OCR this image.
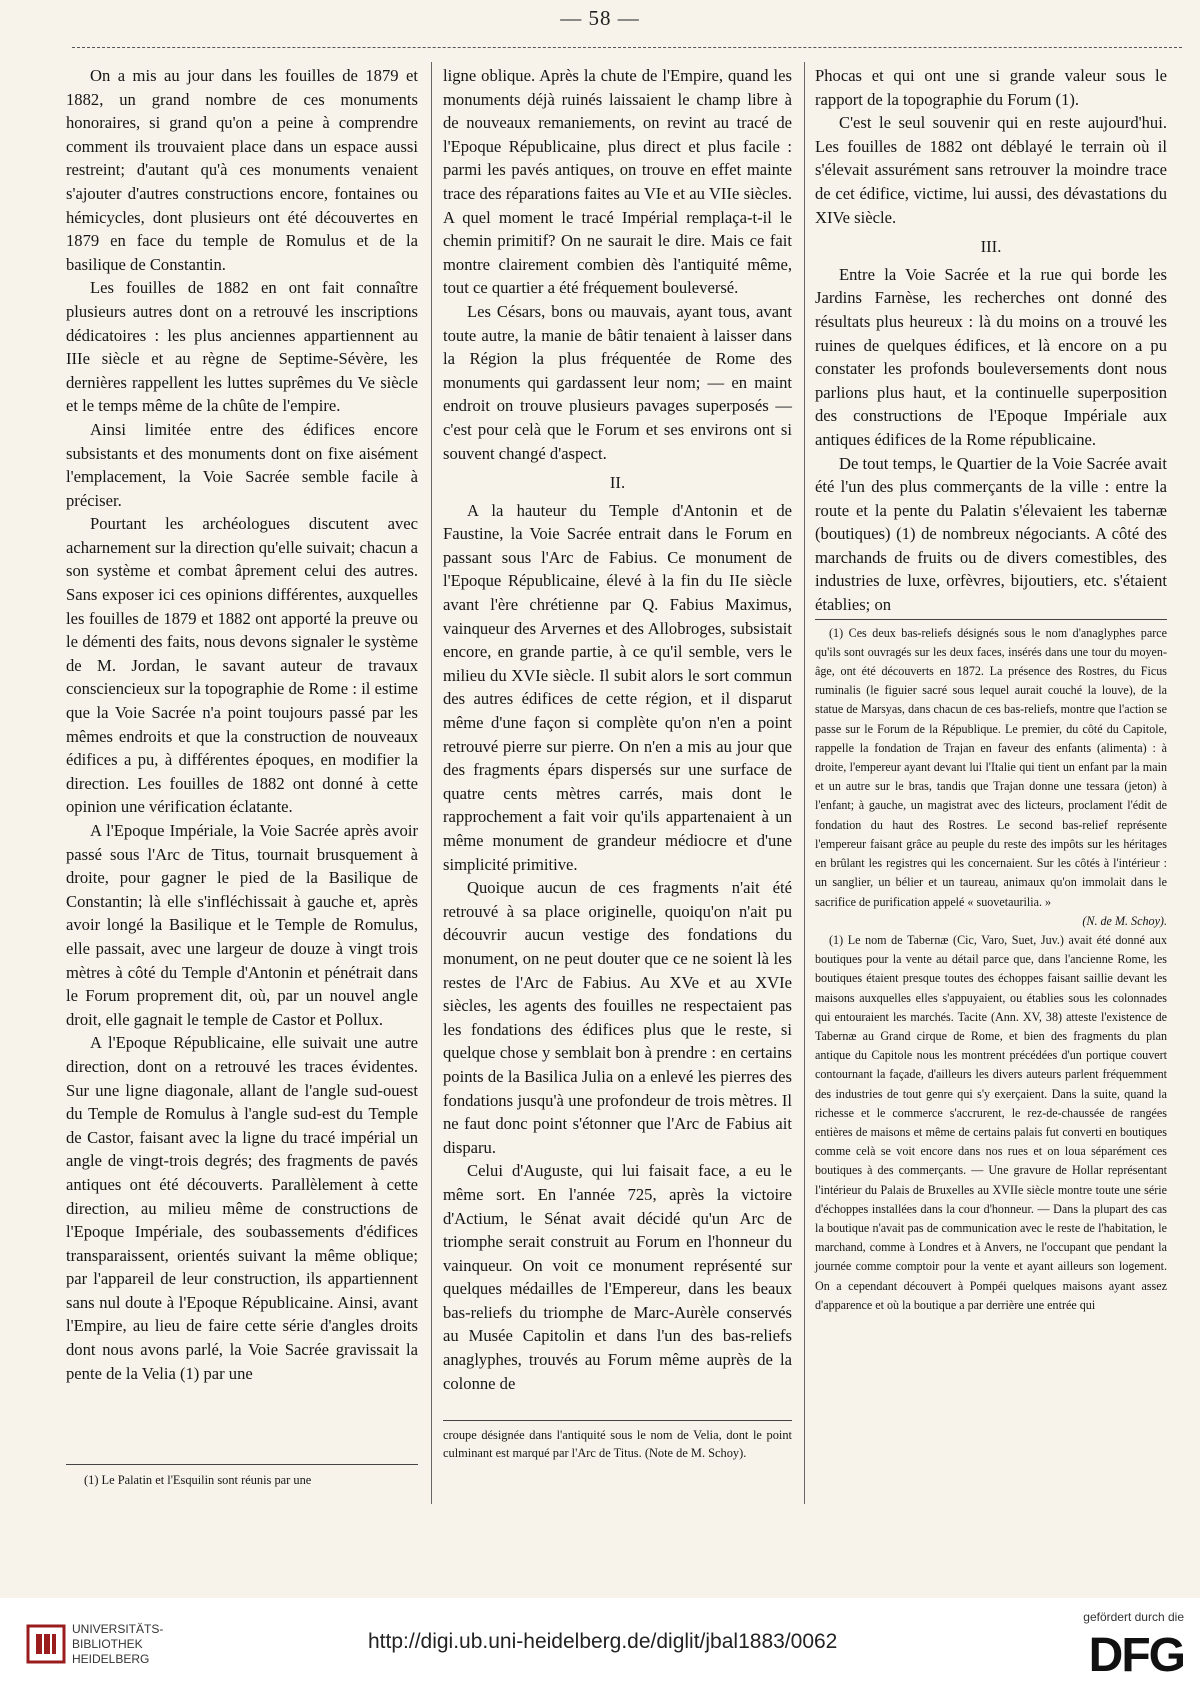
— 58 —

On a mis au jour dans les fouilles de 1879 et 1882, un grand nombre de ces monuments honoraires, si grand qu'on a peine à comprendre comment ils trouvaient place dans un espace aussi restreint; d'autant qu'à ces monuments venaient s'ajouter d'autres constructions encore, fontaines ou hémicycles, dont plusieurs ont été découvertes en 1879 en face du temple de Romulus et de la basilique de Constantin.

Les fouilles de 1882 en ont fait connaître plusieurs autres dont on a retrouvé les inscriptions dédicatoires : les plus anciennes appartiennent au IIIe siècle et au règne de Septime-Sévère, les dernières rappellent les luttes suprêmes du Ve siècle et le temps même de la chûte de l'empire.

Ainsi limitée entre des édifices encore subsistants et des monuments dont on fixe aisément l'emplacement, la Voie Sacrée semble facile à préciser.

Pourtant les archéologues discutent avec acharnement sur la direction qu'elle suivait; chacun a son système et combat âprement celui des autres. Sans exposer ici ces opinions différentes, auxquelles les fouilles de 1879 et 1882 ont apporté la preuve ou le démenti des faits, nous devons signaler le système de M. Jordan, le savant auteur de travaux consciencieux sur la topographie de Rome : il estime que la Voie Sacrée n'a point toujours passé par les mêmes endroits et que la construction de nouveaux édifices a pu, à différentes époques, en modifier la direction. Les fouilles de 1882 ont donné à cette opinion une vérification éclatante.

A l'Epoque Impériale, la Voie Sacrée après avoir passé sous l'Arc de Titus, tournait brusquement à droite, pour gagner le pied de la Basilique de Constantin; là elle s'infléchissait à gauche et, après avoir longé la Basilique et le Temple de Romulus, elle passait, avec une largeur de douze à vingt trois mètres à côté du Temple d'Antonin et pénétrait dans le Forum proprement dit, où, par un nouvel angle droit, elle gagnait le temple de Castor et Pollux.

A l'Epoque Républicaine, elle suivait une autre direction, dont on a retrouvé les traces évidentes. Sur une ligne diagonale, allant de l'angle sud-ouest du Temple de Romulus à l'angle sud-est du Temple de Castor, faisant avec la ligne du tracé impérial un angle de vingt-trois degrés; des fragments de pavés antiques ont été découverts. Parallèlement à cette direction, au milieu même de constructions de l'Epoque Impériale, des soubassements d'édifices transparaissent, orientés suivant la même oblique; par l'appareil de leur construction, ils appartiennent sans nul doute à l'Epoque Républicaine. Ainsi, avant l'Empire, au lieu de faire cette série d'angles droits dont nous avons parlé, la Voie Sacrée gravissait la pente de la Velia (1) par une

ligne oblique. Après la chute de l'Empire, quand les monuments déjà ruinés laissaient le champ libre à de nouveaux remaniements, on revint au tracé de l'Epoque Républicaine, plus direct et plus facile : parmi les pavés antiques, on trouve en effet mainte trace des réparations faites au VIe et au VIIe siècles. A quel moment le tracé Impérial remplaça-t-il le chemin primitif? On ne saurait le dire. Mais ce fait montre clairement combien dès l'antiquité même, tout ce quartier a été fréquement bouleversé.

Les Césars, bons ou mauvais, ayant tous, avant toute autre, la manie de bâtir tenaient à laisser dans la Région la plus fréquentée de Rome des monuments qui gardassent leur nom; — en maint endroit on trouve plusieurs pavages superposés — c'est pour celà que le Forum et ses environs ont si souvent changé d'aspect.

II.

A la hauteur du Temple d'Antonin et de Faustine, la Voie Sacrée entrait dans le Forum en passant sous l'Arc de Fabius. Ce monument de l'Epoque Républicaine, élevé à la fin du IIe siècle avant l'ère chrétienne par Q. Fabius Maximus, vainqueur des Arvernes et des Allobroges, subsistait encore, en grande partie, à ce qu'il semble, vers le milieu du XVIe siècle. Il subit alors le sort commun des autres édifices de cette région, et il disparut même d'une façon si complète qu'on n'en a point retrouvé pierre sur pierre. On n'en a mis au jour que des fragments épars dispersés sur une surface de quatre cents mètres carrés, mais dont le rapprochement a fait voir qu'ils appartenaient à un même monument de grandeur médiocre et d'une simplicité primitive.

Quoique aucun de ces fragments n'ait été retrouvé à sa place originelle, quoiqu'on n'ait pu découvrir aucun vestige des fondations du monument, on ne peut douter que ce ne soient là les restes de l'Arc de Fabius. Au XVe et au XVIe siècles, les agents des fouilles ne respectaient pas les fondations des édifices plus que le reste, si quelque chose y semblait bon à prendre : en certains points de la Basilica Julia on a enlevé les pierres des fondations jusqu'à une profondeur de trois mètres. Il ne faut donc point s'étonner que l'Arc de Fabius ait disparu.

Celui d'Auguste, qui lui faisait face, a eu le même sort. En l'année 725, après la victoire d'Actium, le Sénat avait décidé qu'un Arc de triomphe serait construit au Forum en l'honneur du vainqueur. On voit ce monument représenté sur quelques médailles de l'Empereur, dans les beaux bas-reliefs du triomphe de Marc-Aurèle conservés au Musée Capitolin et dans l'un des bas-reliefs anaglyphes, trouvés au Forum même auprès de la colonne de

Phocas et qui ont une si grande valeur sous le rapport de la topographie du Forum (1).

C'est le seul souvenir qui en reste aujourd'hui. Les fouilles de 1882 ont déblayé le terrain où il s'élevait assurément sans retrouver la moindre trace de cet édifice, victime, lui aussi, des dévastations du XIVe siècle.

III.

Entre la Voie Sacrée et la rue qui borde les Jardins Farnèse, les recherches ont donné des résultats plus heureux : là du moins on a trouvé les ruines de quelques édifices, et là encore on a pu constater les profonds bouleversements dont nous parlions plus haut, et la continuelle superposition des constructions de l'Epoque Impériale aux antiques édifices de la Rome républicaine.

De tout temps, le Quartier de la Voie Sacrée avait été l'un des plus commerçants de la ville : entre la route et la pente du Palatin s'élevaient les tabernæ (boutiques) (1) de nombreux négociants. A côté des marchands de fruits ou de divers comestibles, des industries de luxe, orfèvres, bijoutiers, etc. s'étaient établies; on

(1) Ces deux bas-reliefs désignés sous le nom d'anaglyphes parce qu'ils sont ouvragés sur les deux faces, insérés dans une tour du moyen-âge, ont été découverts en 1872. La présence des Rostres, du Ficus ruminalis (le figuier sacré sous lequel aurait couché la louve), de la statue de Marsyas, dans chacun de ces bas-reliefs, montre que l'action se passe sur le Forum de la République. Le premier, du côté du Capitole, rappelle la fondation de Trajan en faveur des enfants (alimenta) : à droite, l'empereur ayant devant lui l'Italie qui tient un enfant par la main et un autre sur le bras, tandis que Trajan donne une tessara (jeton) à l'enfant; à gauche, un magistrat avec des licteurs, proclament l'édit de fondation du haut des Rostres. Le second bas-relief représente l'empereur faisant grâce au peuple du reste des impôts sur les héritages en brûlant les registres qui les concernaient. Sur les côtés à l'intérieur : un sanglier, un bélier et un taureau, animaux qu'on immolait dans le sacrifice de purification appelé « suovetaurilia. »

(N. de M. Schoy).

(1) Le nom de Tabernæ (Cic, Varo, Suet, Juv.) avait été donné aux boutiques pour la vente au détail parce que, dans l'ancienne Rome, les boutiques étaient presque toutes des échoppes faisant saillie devant les maisons auxquelles elles s'appuyaient, ou établies sous les colonnades qui entouraient les marchés. Tacite (Ann. XV, 38) atteste l'existence de Tabernæ au Grand cirque de Rome, et bien des fragments du plan antique du Capitole nous les montrent précédées d'un portique couvert contournant la façade, d'ailleurs les divers auteurs parlent fréquemment des industries de tout genre qui s'y exerçaient. Dans la suite, quand la richesse et le commerce s'accrurent, le rez-de-chaussée de rangées entières de maisons et même de certains palais fut converti en boutiques comme celà se voit encore dans nos rues et on loua séparément ces boutiques à des commerçants. — Une gravure de Hollar représentant l'intérieur du Palais de Bruxelles au XVIIe siècle montre toute une série d'échoppes installées dans la cour d'honneur. — Dans la plupart des cas la boutique n'avait pas de communication avec le reste de l'habitation, le marchand, comme à Londres et à Anvers, ne l'occupant que pendant la journée comme comptoir pour la vente et ayant ailleurs son logement. On a cependant découvert à Pompéi quelques maisons ayant assez d'apparence et où la boutique a par derrière une entrée qui

(1) Le Palatin et l'Esquilin sont réunis par une

croupe désignée dans l'antiquité sous le nom de Velia, dont le point culminant est marqué par l'Arc de Titus. (Note de M. Schoy).

UNIVERSITÄTS-
BIBLIOTHEK
HEIDELBERG
http://digi.ub.uni-heidelberg.de/diglit/jbal1883/0062
gefördert durch die
DFG
